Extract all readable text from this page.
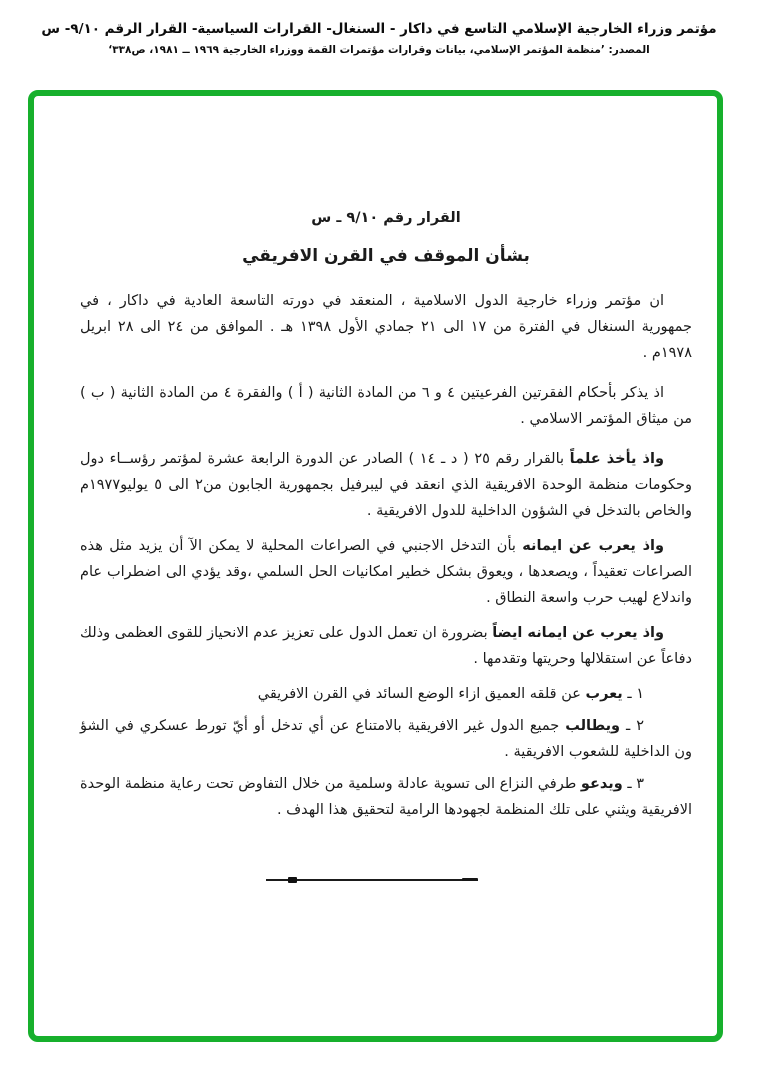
مؤتمر وزراء الخارجية الإسلامي التاسع في داكار - السنغال- القرارات السياسية- القرار الرقم ٩/١٠- س
المصدر: ’منظمة المؤتمر الإسلامي، بيانات وقرارات مؤتمرات القمة ووزراء الخارجية ١٩٦٩ ــ ١٩٨١، ص٣٣٨‘
القرار رقم ٩/١٠ ـ س
بشأن الموقف في القرن الافريقي

ان مؤتمر وزراء خارجية الدول الاسلامية ، المنعقد في دورته التاسعة العادية في داكار ، في جمهورية السنغال في الفترة من ١٧ الى ٢١ جمادي الأول ١٣٩٨ هـ . الموافق من ٢٤ الى ٢٨ ابريل ١٩٧٨م .

اذ يذكر بأحكام الفقرتين الفرعيتين ٤ و ٦ من المادة الثانية ( أ ) والفقرة ٤ من المادة الثانية ( ب ) من ميثاق المؤتمر الاسلامي .

واذ يأخذ علماً بالقرار رقم ٢٥ ( د ـ ١٤ ) الصادر عن الدورة الرابعة عشرة لمؤتمر رؤســاء دول وحكومات منظمة الوحدة الافريقية الذي انعقد في ليبرفيل بجمهورية الجابون من٢ الى ٥ يوليو١٩٧٧م والخاص بالتدخل في الشؤون الداخلية للدول الافريقية .

واذ يعرب عن ايمانه بأن التدخل الاجنبي في الصراعات المحلية لا يمكن الآ أن يزيد مثل هذه الصراعات تعقيداً ، ويصعدها ، ويعوق بشكل خطير امكانيات الحل السلمي ،وقد يؤدي الى اضطراب عام واندلاع لهيب حرب واسعة النطاق .

واذ يعرب عن ايمانه ايضاً بضرورة ان تعمل الدول على تعزيز عدم الانحياز للقوى العظمى وذلك دفاعاً عن استقلالها وحريتها وتقدمها .

١ ـ يعرب عن قلقه العميق ازاء الوضع السائد في القرن الافريقي

٢ ـ ويطالب جميع الدول غير الافريقية بالامتناع عن أي تدخل أو أيّ تورط عسكري في الشؤ ون الداخلية للشعوب الافريقية .

٣ ـ ويدعو طرفي النزاع الى تسوية عادلة وسلمية من خلال التفاوض تحت رعاية منظمة الوحدة الافريقية ويثني على تلك المنظمة لجهودها الرامية لتحقيق هذا الهدف .
